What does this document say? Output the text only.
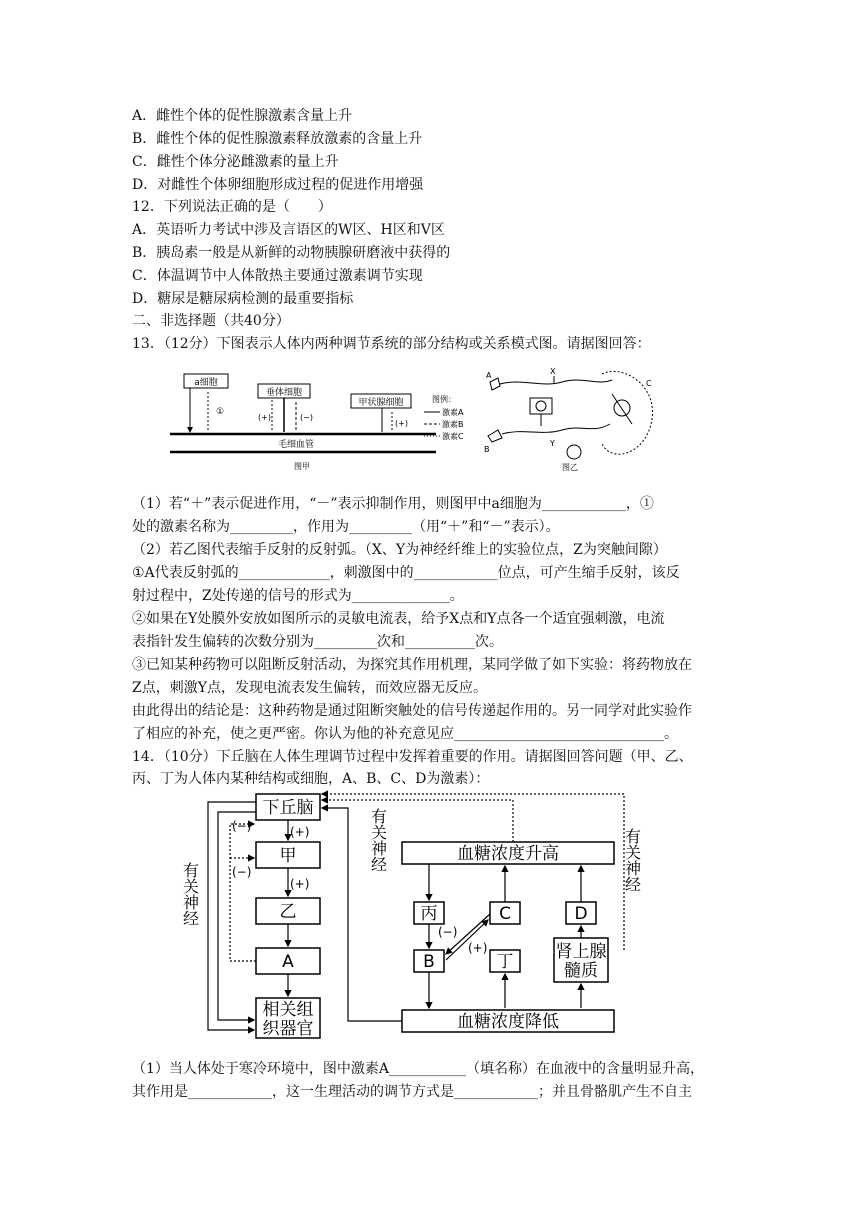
A．雌性个体的促性腺激素含量上升
B．雌性个体的促性腺激素释放激素的含量上升
C．雌性个体分泌雌激素的量上升
D．对雌性个体卵细胞形成过程的促进作用增强
12．下列说法正确的是（　　）
A．英语听力考试中涉及言语区的W区、H区和V区
B．胰岛素一般是从新鲜的动物胰腺研磨液中获得的
C．体温调节中人体散热主要通过激素调节实现
D．糖尿是糖尿病检测的最重要指标
二、非选择题（共40分）
13．（12分）下图表示人体内两种调节系统的部分结构或关系模式图。请据图回答：
a细胞
①
垂体细胞
(+)	(−)
甲状腺细胞
(+)
毛细血管
图甲
图例：
激素A
激素B
激素C
A	X
B
Y
C
图乙
（1）若“＋”表示促进作用，“－”表示抑制作用，则图甲中a细胞为____________，①
处的激素名称为_________，作用为_________（用“＋”和“－”表示）。
（2）若乙图代表缩手反射的反射弧。（X、Y为神经纤维上的实验位点，Z为突触间隙）
①A代表反射弧的_____________，刺激图中的____________位点，可产生缩手反射，该反
射过程中，Z处传递的信号的形式为______________。
②如果在Y处膜外安放如图所示的灵敏电流表，给予X点和Y点各一个适宜强刺激，电流
表指针发生偏转的次数分别为_________次和__________次。
③已知某种药物可以阻断反射活动，为探究其作用机理，某同学做了如下实验：将药物放在
Z点，刺激Y点，发现电流表发生偏转，而效应器无反应。
由此得出的结论是：这种药物是通过阻断突触处的信号传递起作用的。另一同学对此实验作
了相应的补充，使之更严密。你认为他的补充意见应______________________________。
14．（10分）下丘脑在人体生理调节过程中发挥着重要的作用。请据图回答问题（甲、乙、
丙、丁为人体内某种结构或细胞，A、B、C、D为激素）：
下丘脑
甲
乙
A
相关组
织器官
血糖浓度升高
血糖浓度降低
丙	C
B	丁
D
肾上腺
髓质
有关神经
有关神经	有关神经
(+)
(−)
(−)
(+)
(−)
(+)
（1）当人体处于寒冷环境中，图中激素A___________（填名称）在血液中的含量明显升高，
其作用是____________，这一生理活动的调节方式是____________；并且骨骼肌产生不自主
